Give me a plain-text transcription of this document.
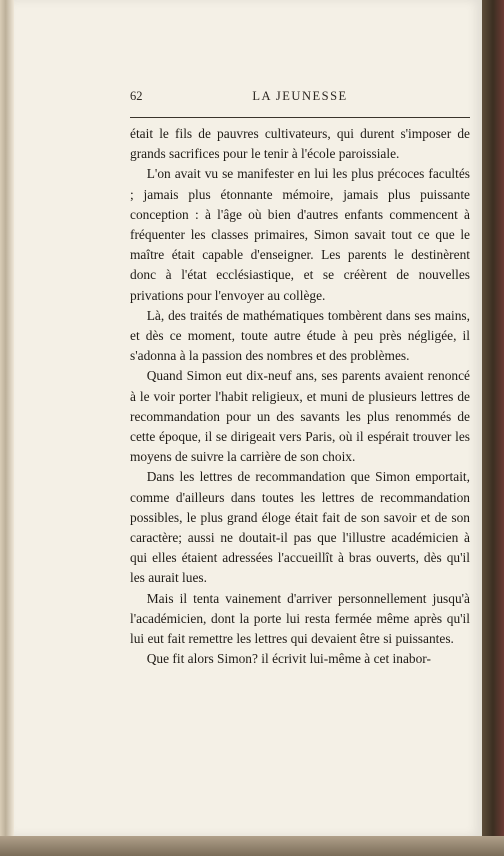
62	LA JEUNESSE

était le fils de pauvres cultivateurs, qui durent s'imposer de grands sacrifices pour le tenir à l'école paroissiale.

L'on avait vu se manifester en lui les plus précoces facultés ; jamais plus étonnante mémoire, jamais plus puissante conception : à l'âge où bien d'autres enfants commencent à fréquenter les classes primaires, Simon savait tout ce que le maître était capable d'enseigner. Les parents le destinèrent donc à l'état ecclésiastique, et se créèrent de nouvelles privations pour l'envoyer au collège.

Là, des traités de mathématiques tombèrent dans ses mains, et dès ce moment, toute autre étude à peu près négligée, il s'adonna à la passion des nombres et des problèmes.

Quand Simon eut dix-neuf ans, ses parents avaient renoncé à le voir porter l'habit religieux, et muni de plusieurs lettres de recommandation pour un des savants les plus renommés de cette époque, il se dirigeait vers Paris, où il espérait trouver les moyens de suivre la carrière de son choix.

Dans les lettres de recommandation que Simon emportait, comme d'ailleurs dans toutes les lettres de recommandation possibles, le plus grand éloge était fait de son savoir et de son caractère; aussi ne doutait-il pas que l'illustre académicien à qui elles étaient adressées l'accueillît à bras ouverts, dès qu'il les aurait lues.

Mais il tenta vainement d'arriver personnellement jusqu'à l'académicien, dont la porte lui resta fermée même après qu'il lui eut fait remettre les lettres qui devaient être si puissantes.

Que fit alors Simon? il écrivit lui-même à cet inabor-
